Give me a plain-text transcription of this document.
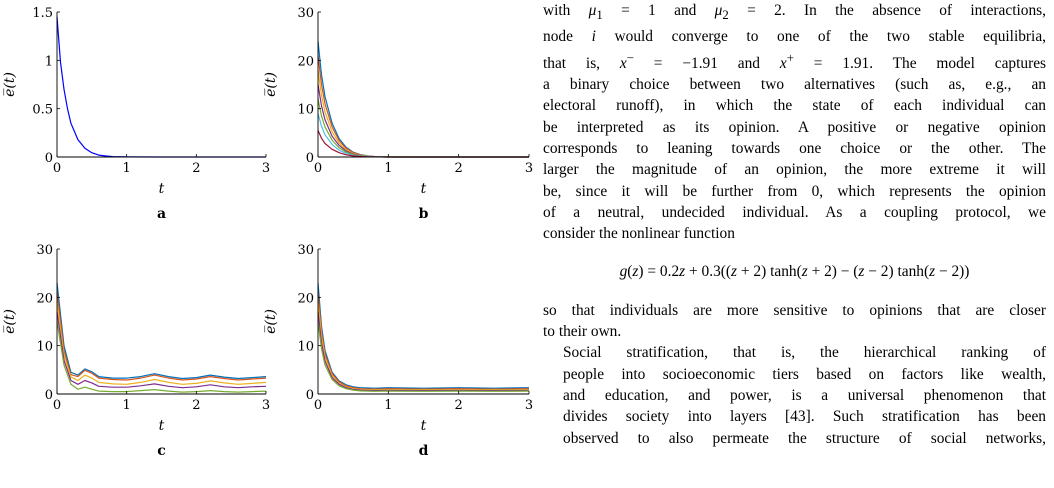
0
0.5
1
1.5
0	1	2	3
t
e̅(t)
a
0
10
20
30
0	1	2	3
t
e̅(t)
b
0
10
20
30
0	1	2	3
t
e̅(t)
c
0
10
20
30
0	1	2	3
t
e̅(t)
d
with $\mu_1 = 1$ and $\mu_2 = 2$. In the absence of interactions,
node i would converge to one of the two stable equilibria,
that is, x− = −1.91 and x+ = 1.91. The model captures
a binary choice between two alternatives (such as, e.g., an
electoral runoff), in which the state of each individual can
be interpreted as its opinion. A positive or negative opinion
corresponds to leaning towards one choice or the other. The
larger the magnitude of an opinion, the more extreme it will
be, since it will be further from 0, which represents the opinion
of a neutral, undecided individual. As a coupling protocol, we
consider the nonlinear function
g(z) = 0.2z + 0.3((z + 2) tanh(z + 2) − (z − 2) tanh(z − 2))
so that individuals are more sensitive to opinions that are closer
to their own.
Social stratification, that is, the hierarchical ranking of
people into socioeconomic tiers based on factors like wealth,
and education, and power, is a universal phenomenon that
divides society into layers [43]. Such stratification has been
observed to also permeate the structure of social networks,
